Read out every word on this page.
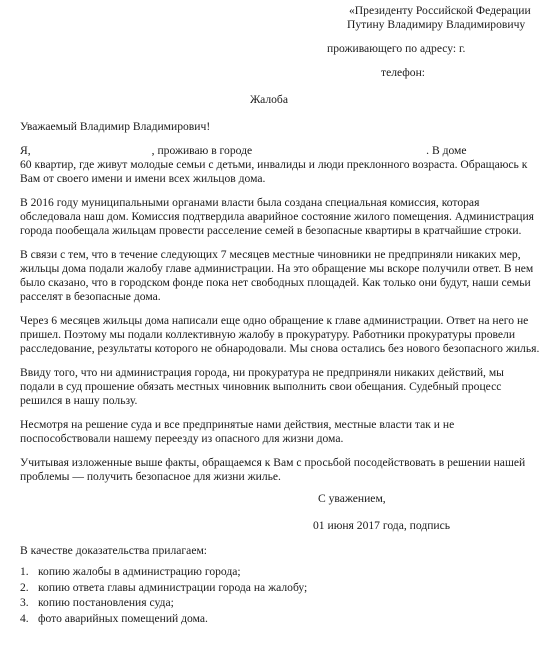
«Президенту Российской Федерации
Путину Владимиру Владимировичу
проживающего по адресу: г.
телефон:
Жалоба
Уважаемый Владимир Владимирович!
Я,	, проживаю в городе	. В доме
60 квартир, где живут молодые семьи с детьми, инвалиды и люди преклонного возраста. Обращаюсь к
Вам от своего имени и имени всех жильцов дома.
В 2016 году муниципальными органами власти была создана специальная комиссия, которая
обследовала наш дом. Комиссия подтвердила аварийное состояние жилого помещения. Администрация
города пообещала жильцам провести расселение семей в безопасные квартиры в кратчайшие строки.
В связи с тем, что в течение следующих 7 месяцев местные чиновники не предприняли никаких мер,
жильцы дома подали жалобу главе администрации. На это обращение мы вскоре получили ответ. В нем
было сказано, что в городском фонде пока нет свободных площадей. Как только они будут, наши семьи
расселят в безопасные дома.
Через 6 месяцев жильцы дома написали еще одно обращение к главе администрации. Ответ на него не
пришел. Поэтому мы подали коллективную жалобу в прокуратуру. Работники прокуратуры провели
расследование, результаты которого не обнародовали. Мы снова остались без нового безопасного жилья.
Ввиду того, что ни администрация города, ни прокуратура не предприняли никаких действий, мы
подали в суд прошение обязать местных чиновник выполнить свои обещания. Судебный процесс
решился в нашу пользу.
Несмотря на решение суда и все предпринятые нами действия, местные власти так и не
поспособствовали нашему переезду из опасного для жизни дома.
Учитывая изложенные выше факты, обращаемся к Вам с просьбой посодействовать в решении нашей
проблемы — получить безопасное для жизни жилье.
С уважением,
01 июня 2017 года, подпись
В качестве доказательства прилагаем:
1. копию жалобы в администрацию города;
2. копию ответа главы администрации города на жалобу;
3. копию постановления суда;
4. фото аварийных помещений дома.
